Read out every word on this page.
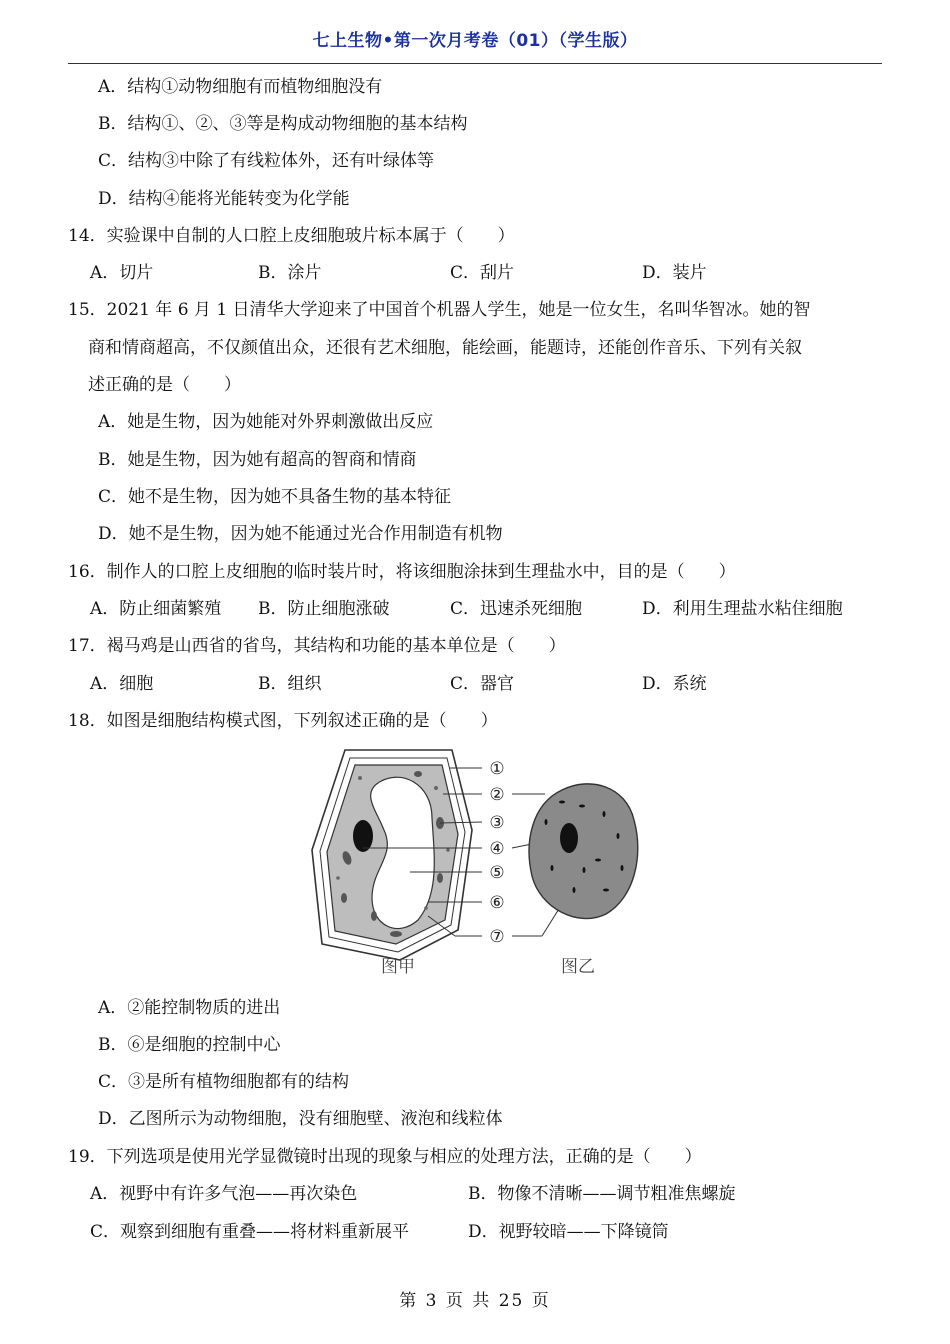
七上生物•第一次月考卷（01）（学生版）
A．结构①动物细胞有而植物细胞没有
B．结构①、②、③等是构成动物细胞的基本结构
C．结构③中除了有线粒体外，还有叶绿体等
D．结构④能将光能转变为化学能
14．实验课中自制的人口腔上皮细胞玻片标本属于（　　）
A．切片	B．涂片	C．刮片	D．装片
15．2021 年 6 月 1 日清华大学迎来了中国首个机器人学生，她是一位女生，名叫华智冰。她的智
商和情商超高，不仅颜值出众，还很有艺术细胞，能绘画，能题诗，还能创作音乐、下列有关叙
述正确的是（　　）
A．她是生物，因为她能对外界刺激做出反应
B．她是生物，因为她有超高的智商和情商
C．她不是生物，因为她不具备生物的基本特征
D．她不是生物，因为她不能通过光合作用制造有机物
16．制作人的口腔上皮细胞的临时装片时，将该细胞涂抹到生理盐水中，目的是（　　）
A．防止细菌繁殖 B．防止细胞涨破	C．迅速杀死细胞	D．利用生理盐水粘住细胞
17．褐马鸡是山西省的省鸟，其结构和功能的基本单位是（　　）
A．细胞	B．组织	C．器官	D．系统
18．如图是细胞结构模式图，下列叙述正确的是（　　）
①
②
③
④
⑤
⑥
⑦
图甲	图乙
A．②能控制物质的进出
B．⑥是细胞的控制中心
C．③是所有植物细胞都有的结构
D．乙图所示为动物细胞，没有细胞壁、液泡和线粒体
19．下列选项是使用光学显微镜时出现的现象与相应的处理方法，正确的是（　　）
A．视野中有许多气泡——再次染色	B．物像不清晰——调节粗准焦螺旋
C．观察到细胞有重叠——将材料重新展平	D．视野较暗——下降镜筒
第 3 页 共 25 页
